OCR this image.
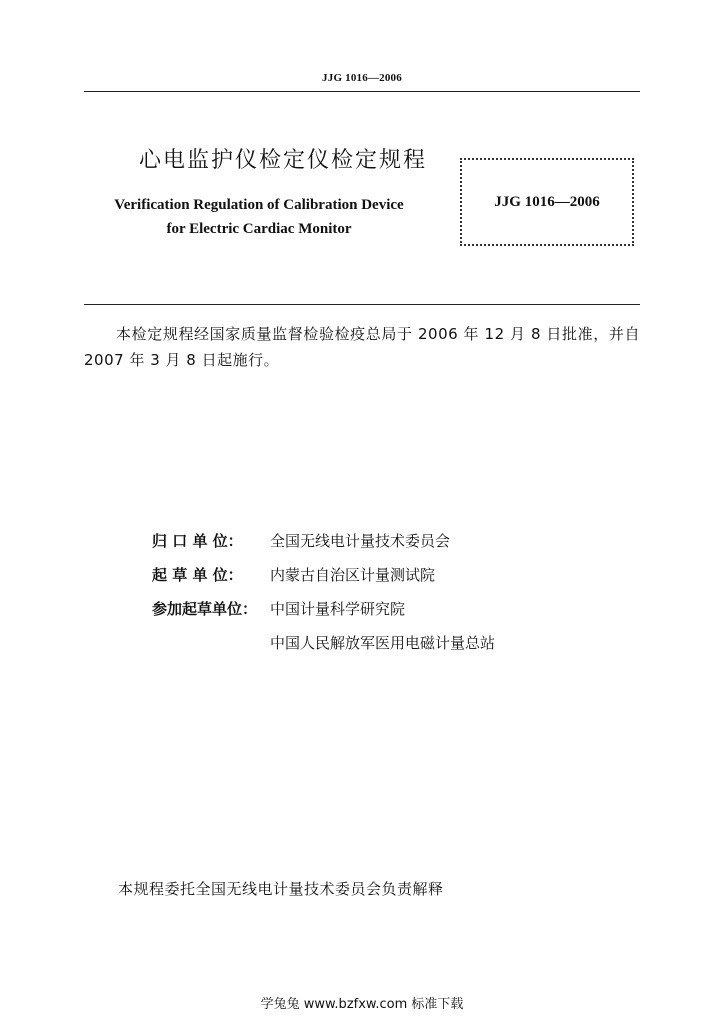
JJG 1016—2006
心电监护仪检定仪检定规程
Verification Regulation of Calibration Device
for Electric Cardiac Monitor
JJG 1016—2006
本检定规程经国家质量监督检验检疫总局于 2006 年 12 月 8 日批准，并自 2007 年 3 月 8 日起施行。
归 口 单 位：	全国无线电计量技术委员会
起 草 单 位：	内蒙古自治区计量测试院
参加起草单位： 中国计量科学研究院
中国人民解放军医用电磁计量总站
本规程委托全国无线电计量技术委员会负责解释
学兔兔 www.bzfxw.com 标准下载
